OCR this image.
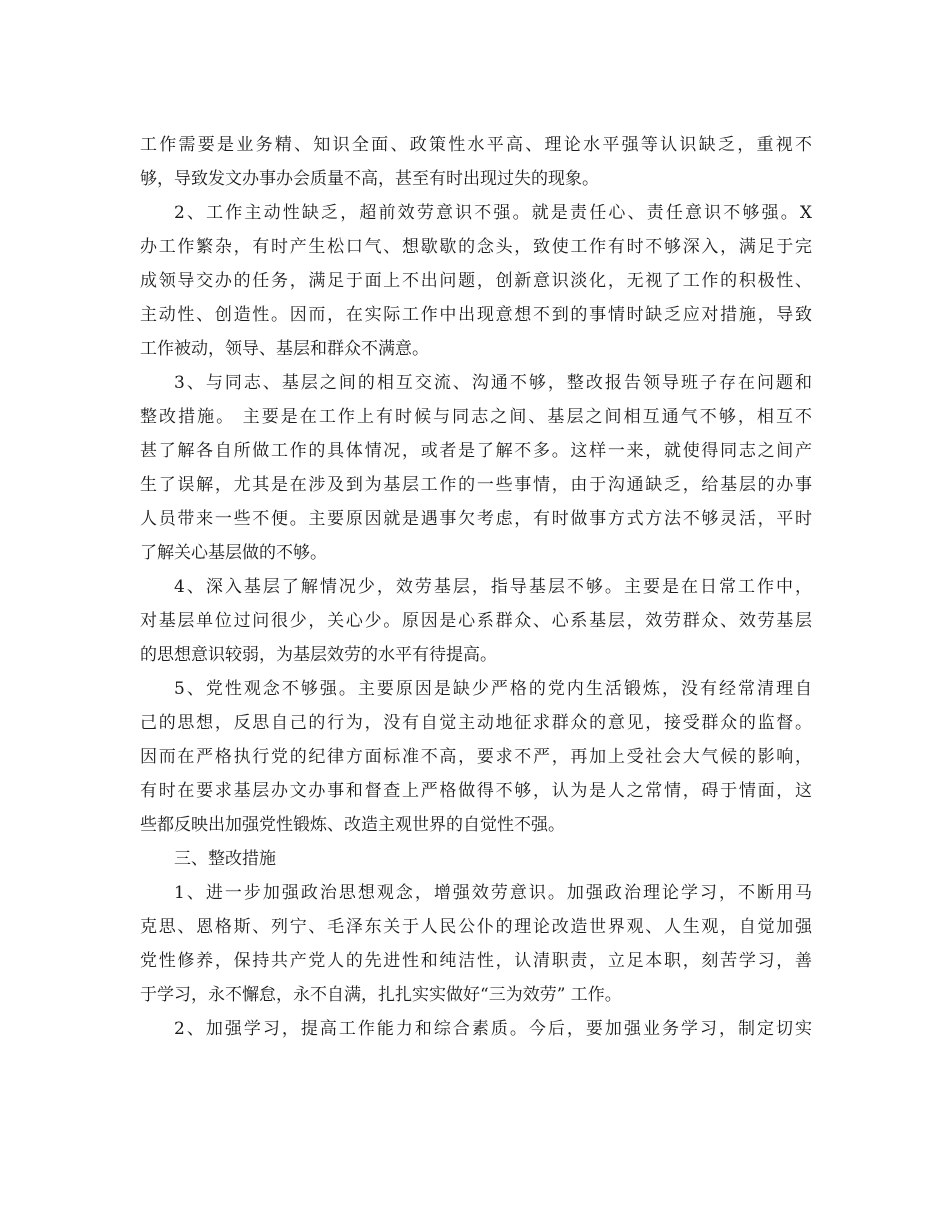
工作需要是业务精、知识全面、政策性水平高、理论水平强等认识缺乏，重视不
够，导致发文办事办会质量不高，甚至有时出现过失的现象。
2、工作主动性缺乏，超前效劳意识不强。就是责任心、责任意识不够强。X
办工作繁杂，有时产生松口气、想歇歇的念头，致使工作有时不够深入，满足于完
成领导交办的任务，满足于面上不出问题，创新意识淡化，无视了工作的积极性、
主动性、创造性。因而，在实际工作中出现意想不到的事情时缺乏应对措施，导致
工作被动，领导、基层和群众不满意。
3、与同志、基层之间的相互交流、沟通不够，整改报告领导班子存在问题和
整改措施。 主要是在工作上有时候与同志之间、基层之间相互通气不够，相互不
甚了解各自所做工作的具体情况，或者是了解不多。这样一来，就使得同志之间产
生了误解，尤其是在涉及到为基层工作的一些事情，由于沟通缺乏，给基层的办事
人员带来一些不便。主要原因就是遇事欠考虑，有时做事方式方法不够灵活，平时
了解关心基层做的不够。
4、深入基层了解情况少，效劳基层，指导基层不够。主要是在日常工作中，
对基层单位过问很少，关心少。原因是心系群众、心系基层，效劳群众、效劳基层
的思想意识较弱，为基层效劳的水平有待提高。
5、党性观念不够强。主要原因是缺少严格的党内生活锻炼，没有经常清理自
己的思想，反思自己的行为，没有自觉主动地征求群众的意见，接受群众的监督。
因而在严格执行党的纪律方面标准不高，要求不严，再加上受社会大气候的影响，
有时在要求基层办文办事和督查上严格做得不够，认为是人之常情，碍于情面，这
些都反映出加强党性锻炼、改造主观世界的自觉性不强。
三、整改措施
1、进一步加强政治思想观念，增强效劳意识。加强政治理论学习，不断用马
克思、恩格斯、列宁、毛泽东关于人民公仆的理论改造世界观、人生观，自觉加强
党性修养，保持共产党人的先进性和纯洁性，认清职责，立足本职，刻苦学习，善
于学习，永不懈怠，永不自满，扎扎实实做好“三为效劳” 工作。
2、加强学习，提高工作能力和综合素质。今后，要加强业务学习，制定切实
